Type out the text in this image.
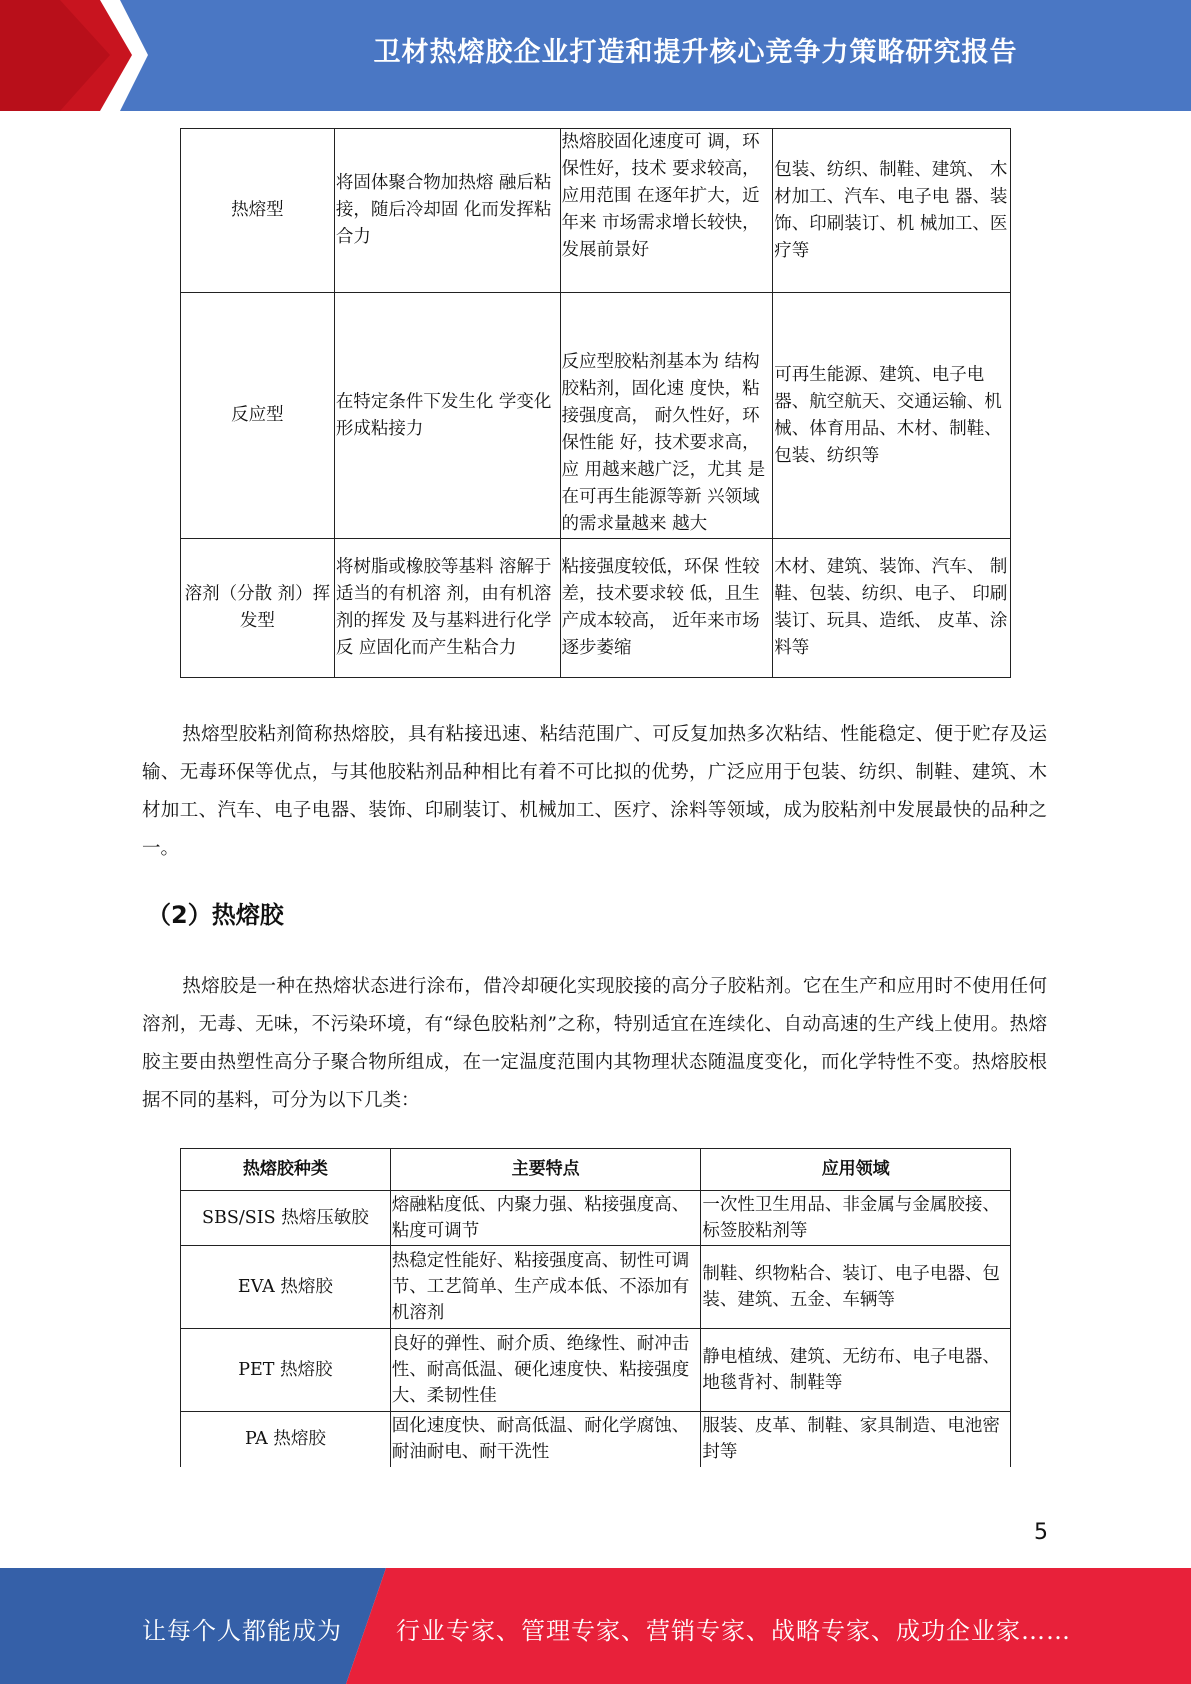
卫材热熔胶企业打造和提升核心竞争力策略研究报告
热熔型	将固体聚合物加热熔 融后粘接，随后冷却固 化而发挥粘合力	热熔胶固化速度可 调，环保性好，技术 要求较高，应用范围 在逐年扩大，近年来 市场需求增长较快， 发展前景好	包装、纺织、制鞋、建筑、 木材加工、汽车、电子电 器、装饰、印刷装订、机 械加工、医疗等
反应型	在特定条件下发生化 学变化形成粘接力	反应型胶粘剂基本为 结构胶粘剂，固化速 度快，粘接强度高， 耐久性好，环保性能 好，技术要求高，应 用越来越广泛，尤其 是在可再生能源等新 兴领域的需求量越来 越大	可再生能源、建筑、电子电器、航空航天、交通运输、机械、体育用品、木材、制鞋、包装、纺织等
溶剂（分散 剂）挥发型	将树脂或橡胶等基料 溶解于适当的有机溶 剂，由有机溶剂的挥发 及与基料进行化学反 应固化而产生粘合力	粘接强度较低，环保 性较差，技术要求较 低，且生产成本较高， 近年来市场逐步萎缩	木材、建筑、装饰、汽车、 制鞋、包装、纺织、电子、 印刷装订、玩具、造纸、 皮革、涂料等
热熔型胶粘剂简称热熔胶，具有粘接迅速、粘结范围广、可反复加热多次粘结、性能稳定、便于贮存及运输、无毒环保等优点，与其他胶粘剂品种相比有着不可比拟的优势，广泛应用于包装、纺织、制鞋、建筑、木材加工、汽车、电子电器、装饰、印刷装订、机械加工、医疗、涂料等领域，成为胶粘剂中发展最快的品种之一。
（2）热熔胶
热熔胶是一种在热熔状态进行涂布，借冷却硬化实现胶接的高分子胶粘剂。它在生产和应用时不使用任何溶剂，无毒、无味，不污染环境，有“绿色胶粘剂”之称，特别适宜在连续化、自动高速的生产线上使用。热熔胶主要由热塑性高分子聚合物所组成，在一定温度范围内其物理状态随温度变化，而化学特性不变。热熔胶根据不同的基料，可分为以下几类：
热熔胶种类	主要特点	应用领域
SBS/SIS 热熔压敏胶	熔融粘度低、内聚力强、粘接强度高、粘度可调节	一次性卫生用品、非金属与金属胶接、标签胶粘剂等
EVA 热熔胶	热稳定性能好、粘接强度高、韧性可调节、工艺简单、生产成本低、不添加有机溶剂	制鞋、织物粘合、装订、电子电器、包装、建筑、五金、车辆等
PET 热熔胶	良好的弹性、耐介质、绝缘性、耐冲击性、耐高低温、硬化速度快、粘接强度大、柔韧性佳	静电植绒、建筑、无纺布、电子电器、地毯背衬、制鞋等
PA 热熔胶	固化速度快、耐高低温、耐化学腐蚀、耐油耐电、耐干洗性	服装、皮革、制鞋、家具制造、电池密封等
5
让每个人都能成为 行业专家、管理专家、营销专家、战略专家、成功企业家……
